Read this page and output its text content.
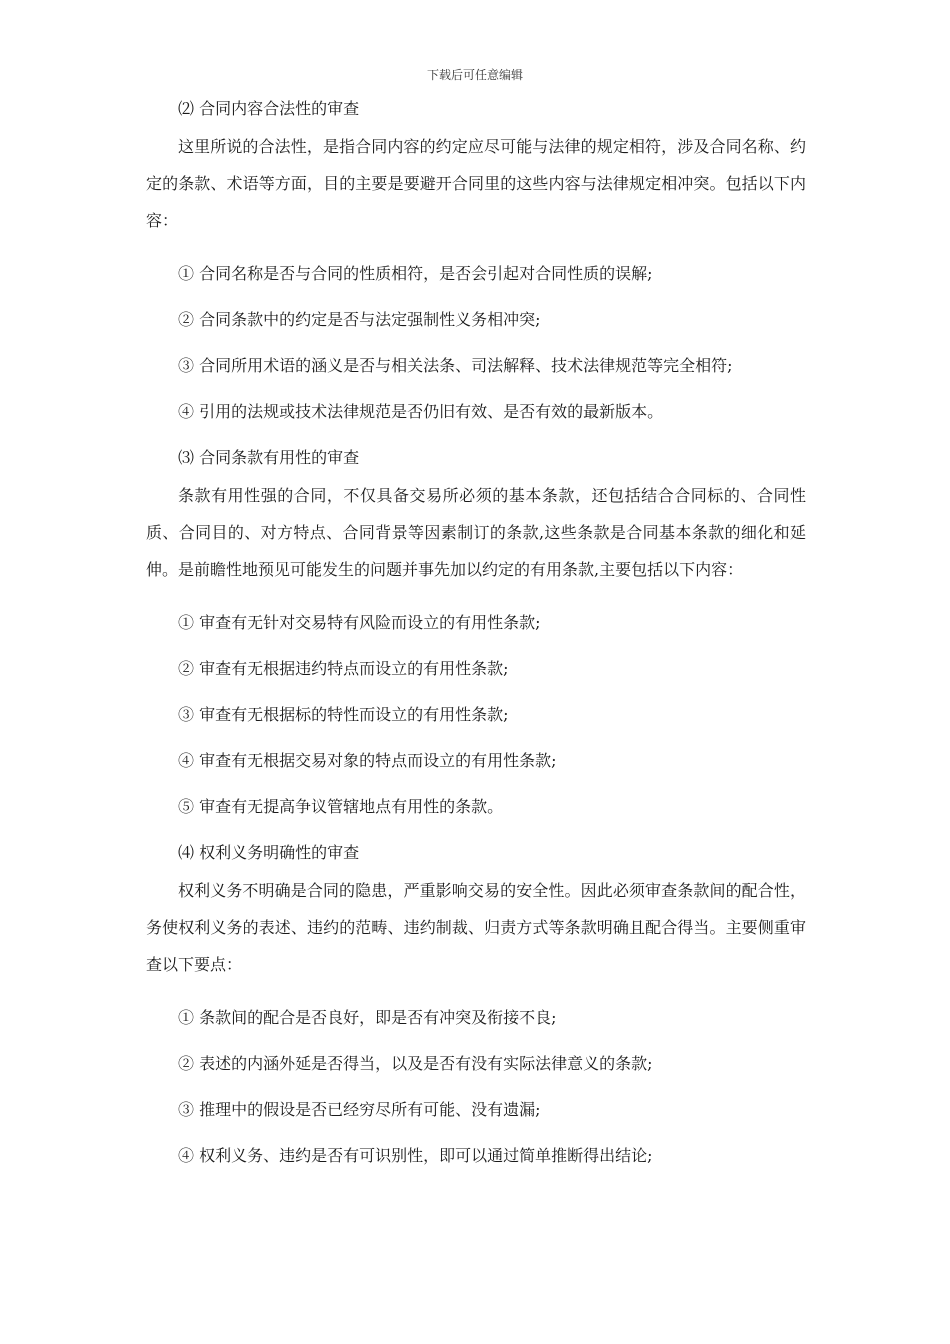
下载后可任意编辑
⑵ 合同内容合法性的审查
这里所说的合法性，是指合同内容的约定应尽可能与法律的规定相符，涉及合同名称、约定的条款、术语等方面，目的主要是要避开合同里的这些内容与法律规定相冲突。包括以下内容：
① 合同名称是否与合同的性质相符，是否会引起对合同性质的误解;
② 合同条款中的约定是否与法定强制性义务相冲突;
③ 合同所用术语的涵义是否与相关法条、司法解释、技术法律规范等完全相符;
④ 引用的法规或技术法律规范是否仍旧有效、是否有效的最新版本。
⑶ 合同条款有用性的审查
条款有用性强的合同，不仅具备交易所必须的基本条款，还包括结合合同标的、合同性质、合同目的、对方特点、合同背景等因素制订的条款,这些条款是合同基本条款的细化和延伸。是前瞻性地预见可能发生的问题并事先加以约定的有用条款,主要包括以下内容：
① 审查有无针对交易特有风险而设立的有用性条款;
② 审查有无根据违约特点而设立的有用性条款;
③ 审查有无根据标的特性而设立的有用性条款;
④ 审查有无根据交易对象的特点而设立的有用性条款;
⑤ 审查有无提高争议管辖地点有用性的条款。
⑷ 权利义务明确性的审查
权利义务不明确是合同的隐患，严重影响交易的安全性。因此必须审查条款间的配合性，务使权利义务的表述、违约的范畴、违约制裁、归责方式等条款明确且配合得当。主要侧重审查以下要点：
① 条款间的配合是否良好，即是否有冲突及衔接不良;
② 表述的内涵外延是否得当，以及是否有没有实际法律意义的条款;
③ 推理中的假设是否已经穷尽所有可能、没有遗漏;
④ 权利义务、违约是否有可识别性，即可以通过简单推断得出结论;
